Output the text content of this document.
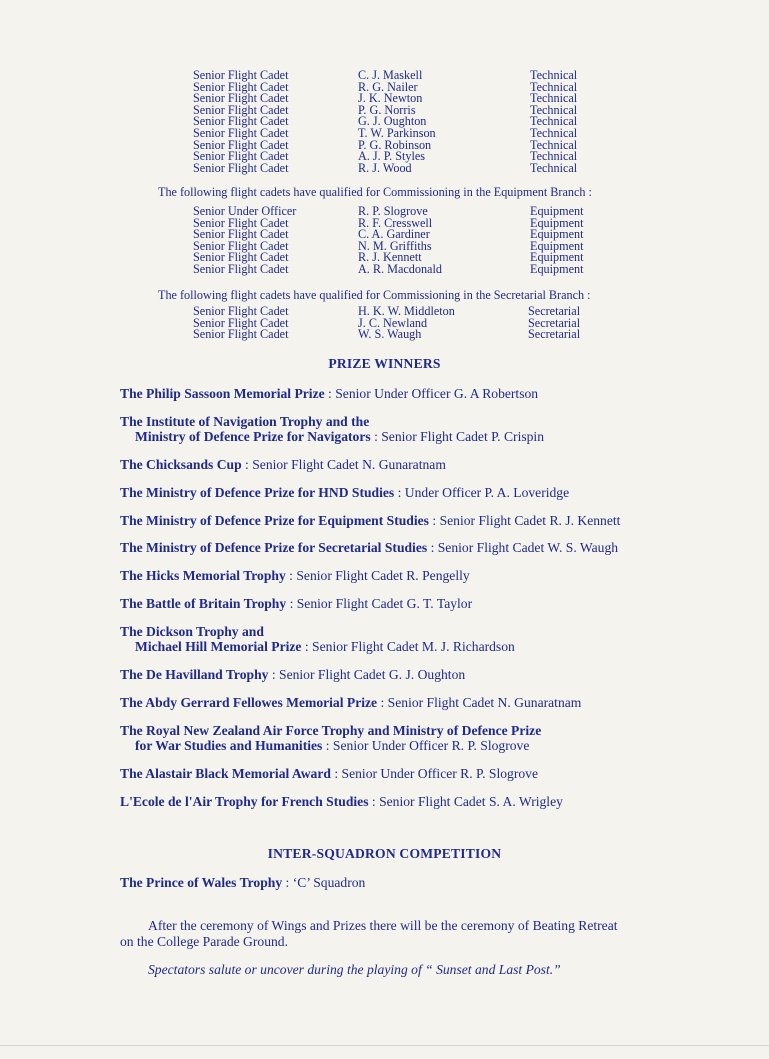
Senior Flight Cadet	C. J. Maskell	Technical
Senior Flight Cadet	R. G. Nailer	Technical
Senior Flight Cadet	J. K. Newton	Technical
Senior Flight Cadet	P. G. Norris	Technical
Senior Flight Cadet	G. J. Oughton	Technical
Senior Flight Cadet	T. W. Parkinson	Technical
Senior Flight Cadet	P. G. Robinson	Technical
Senior Flight Cadet	A. J. P. Styles	Technical
Senior Flight Cadet	R. J. Wood	Technical
The following flight cadets have qualified for Commissioning in the Equipment Branch :
Senior Under Officer	R. P. Slogrove	Equipment
Senior Flight Cadet	R. F. Cresswell	Equipment
Senior Flight Cadet	C. A. Gardiner	Equipment
Senior Flight Cadet	N. M. Griffiths	Equipment
Senior Flight Cadet	R. J. Kennett	Equipment
Senior Flight Cadet	A. R. Macdonald	Equipment
The following flight cadets have qualified for Commissioning in the Secretarial Branch :
Senior Flight Cadet	H. K. W. Middleton	Secretarial
Senior Flight Cadet	J. C. Newland	Secretarial
Senior Flight Cadet	W. S. Waugh	Secretarial
PRIZE WINNERS

The Philip Sassoon Memorial Prize : Senior Under Officer G. A Robertson

The Institute of Navigation Trophy and the

Ministry of Defence Prize for Navigators : Senior Flight Cadet P. Crispin

The Chicksands Cup : Senior Flight Cadet N. Gunaratnam

The Ministry of Defence Prize for HND Studies : Under Officer P. A. Loveridge

The Ministry of Defence Prize for Equipment Studies : Senior Flight Cadet R. J. Kennett

The Ministry of Defence Prize for Secretarial Studies : Senior Flight Cadet W. S. Waugh

The Hicks Memorial Trophy : Senior Flight Cadet R. Pengelly

The Battle of Britain Trophy : Senior Flight Cadet G. T. Taylor

The Dickson Trophy and

Michael Hill Memorial Prize : Senior Flight Cadet M. J. Richardson

The De Havilland Trophy : Senior Flight Cadet G. J. Oughton

The Abdy Gerrard Fellowes Memorial Prize : Senior Flight Cadet N. Gunaratnam

The Royal New Zealand Air Force Trophy and Ministry of Defence Prize

for War Studies and Humanities : Senior Under Officer R. P. Slogrove

The Alastair Black Memorial Award : Senior Under Officer R. P. Slogrove

L'Ecole de l'Air Trophy for French Studies : Senior Flight Cadet S. A. Wrigley

INTER-SQUADRON COMPETITION

The Prince of Wales Trophy : ‘C’ Squadron

After the ceremony of Wings and Prizes there will be the ceremony of Beating Retreat

on the College Parade Ground.

Spectators salute or uncover during the playing of “ Sunset and Last Post.”
